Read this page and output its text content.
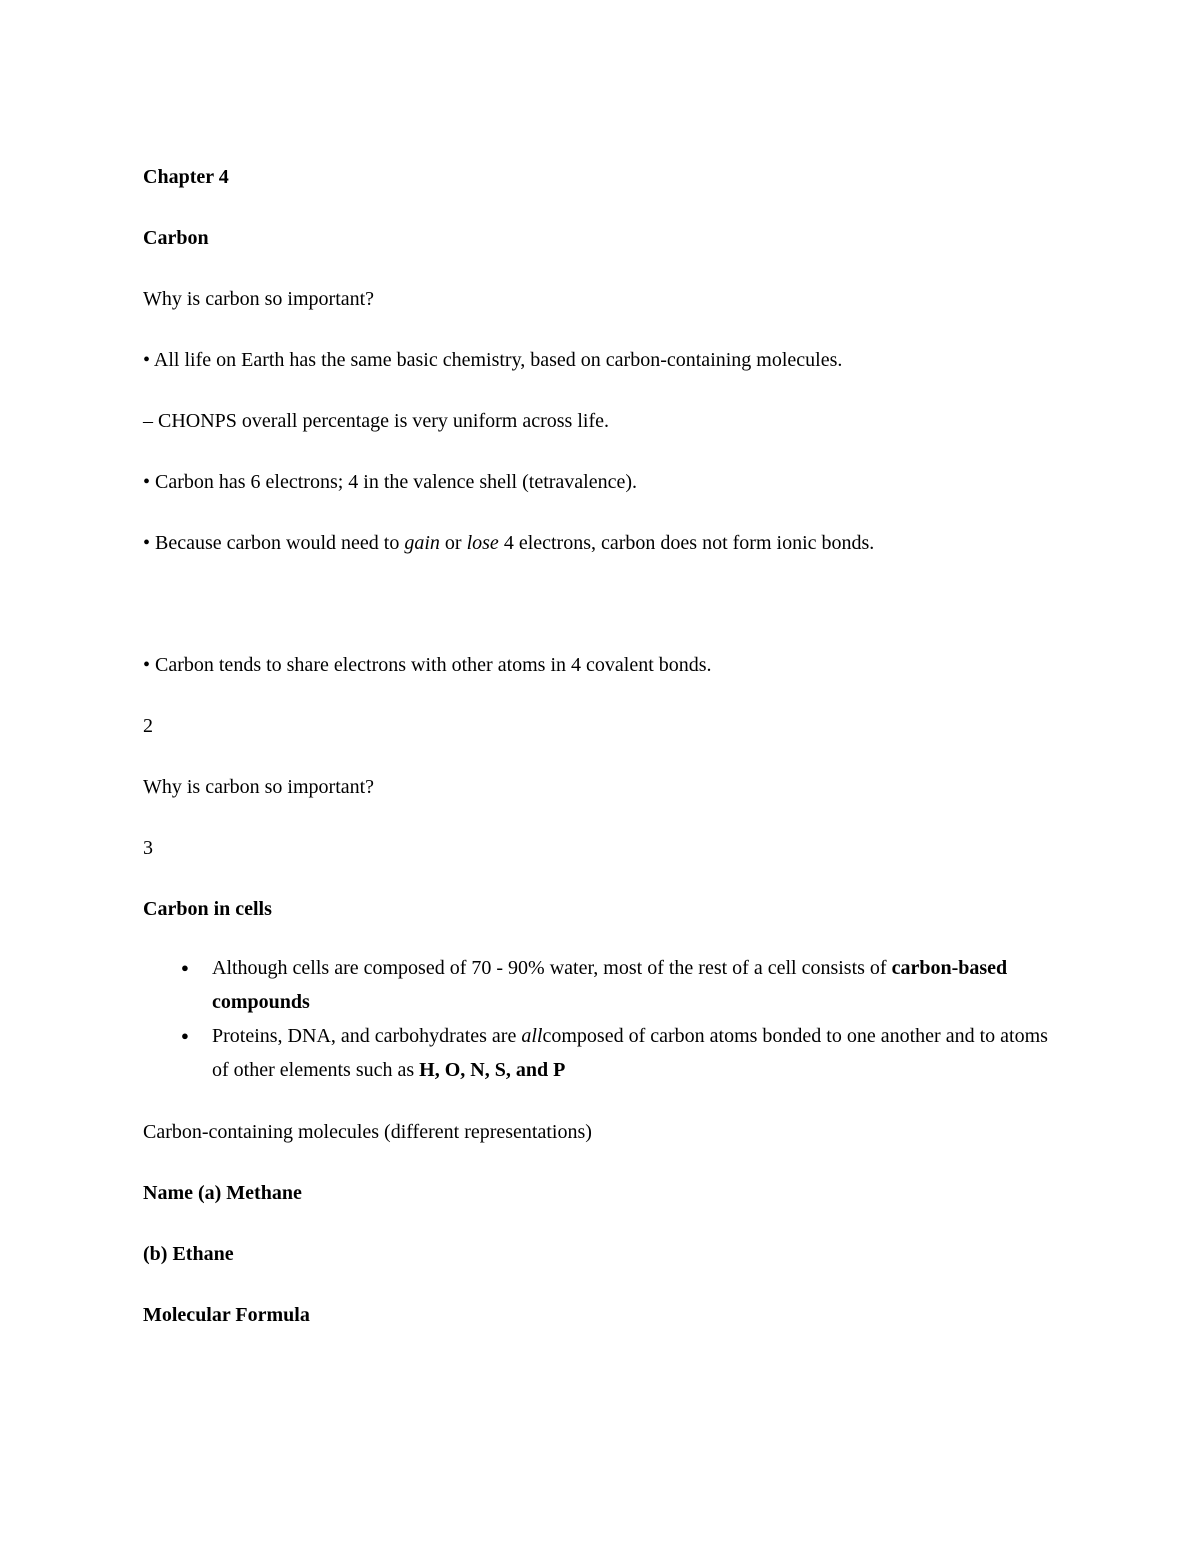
Chapter 4

Carbon

Why is carbon so important?

• All life on Earth has the same basic chemistry, based on carbon-containing molecules.

– CHONPS overall percentage is very uniform across life.

• Carbon has 6 electrons; 4 in the valence shell (tetravalence).

• Because carbon would need to gain or lose 4 electrons, carbon does not form ionic bonds.

• Carbon tends to share electrons with other atoms in 4 covalent bonds.

2

Why is carbon so important?

3

Carbon in cells

● Although cells are composed of 70 - 90% water, most of the rest of a cell consists of carbon-based compounds
● Proteins, DNA, and carbohydrates are allcomposed of carbon atoms bonded to one another and to atoms of other elements such as H, O, N, S, and P

Carbon-containing molecules (different representations)

Name (a) Methane

(b) Ethane

Molecular Formula
